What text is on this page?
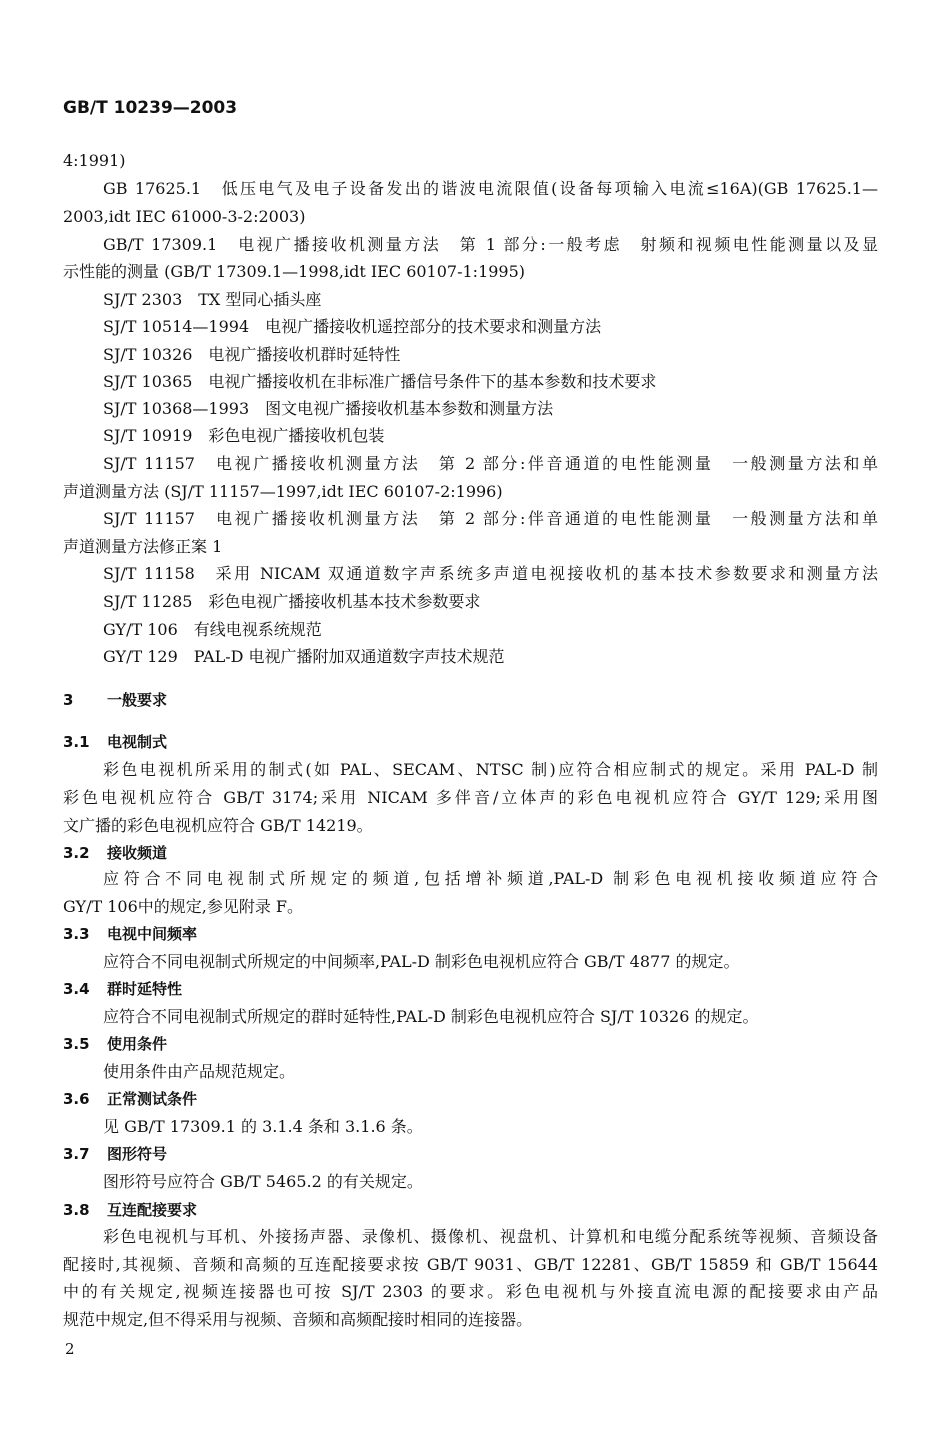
GB/T 10239—2003
4:1991)
GB 17625.1　低压电气及电子设备发出的谐波电流限值(设备每项输入电流≤16A)(GB 17625.1—
2003,idt IEC 61000-3-2:2003)
GB/T 17309.1　电视广播接收机测量方法　第 1 部分:一般考虑　射频和视频电性能测量以及显
示性能的测量 (GB/T 17309.1—1998,idt IEC 60107-1:1995)
SJ/T 2303　TX 型同心插头座
SJ/T 10514—1994　电视广播接收机遥控部分的技术要求和测量方法
SJ/T 10326　电视广播接收机群时延特性
SJ/T 10365　电视广播接收机在非标准广播信号条件下的基本参数和技术要求
SJ/T 10368—1993　图文电视广播接收机基本参数和测量方法
SJ/T 10919　彩色电视广播接收机包装
SJ/T 11157　电视广播接收机测量方法　第 2 部分:伴音通道的电性能测量　一般测量方法和单
声道测量方法 (SJ/T 11157—1997,idt IEC 60107-2:1996)
SJ/T 11157　电视广播接收机测量方法　第 2 部分:伴音通道的电性能测量　一般测量方法和单
声道测量方法修正案 1
SJ/T 11158　采用 NICAM 双通道数字声系统多声道电视接收机的基本技术参数要求和测量方法
SJ/T 11285　彩色电视广播接收机基本技术参数要求
GY/T 106　有线电视系统规范
GY/T 129　PAL-D 电视广播附加双通道数字声技术规范
3 一般要求
3.1 电视制式
彩色电视机所采用的制式(如 PAL、SECAM、NTSC 制)应符合相应制式的规定。采用 PAL-D 制
彩色电视机应符合 GB/T 3174;采用 NICAM 多伴音/立体声的彩色电视机应符合 GY/T 129;采用图
文广播的彩色电视机应符合 GB/T 14219。
3.2 接收频道
应符合不同电视制式所规定的频道,包括增补频道,PAL-D 制彩色电视机接收频道应符合
GY/T 106中的规定,参见附录 F。
3.3 电视中间频率
应符合不同电视制式所规定的中间频率,PAL-D 制彩色电视机应符合 GB/T 4877 的规定。
3.4 群时延特性
应符合不同电视制式所规定的群时延特性,PAL-D 制彩色电视机应符合 SJ/T 10326 的规定。
3.5 使用条件
使用条件由产品规范规定。
3.6 正常测试条件
见 GB/T 17309.1 的 3.1.4 条和 3.1.6 条。
3.7 图形符号
图形符号应符合 GB/T 5465.2 的有关规定。
3.8 互连配接要求
彩色电视机与耳机、外接扬声器、录像机、摄像机、视盘机、计算机和电缆分配系统等视频、音频设备
配接时,其视频、音频和高频的互连配接要求按 GB/T 9031、GB/T 12281、GB/T 15859 和 GB/T 15644
中的有关规定,视频连接器也可按 SJ/T 2303 的要求。彩色电视机与外接直流电源的配接要求由产品
规范中规定,但不得采用与视频、音频和高频配接时相同的连接器。
2
